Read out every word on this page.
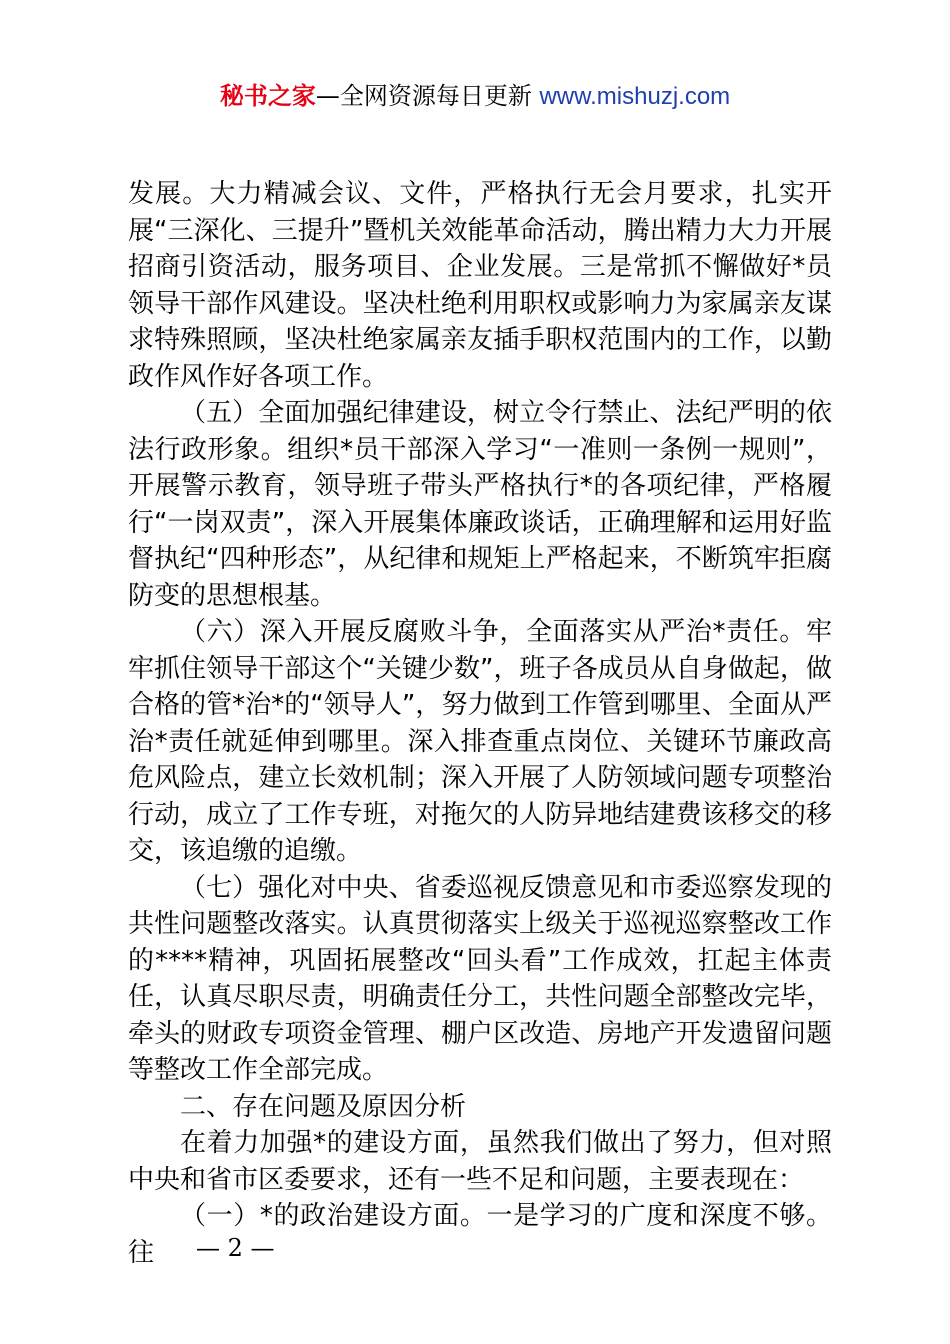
秘书之家—全网资源每日更新 www.mishuzj.com

发展。大力精减会议、文件，严格执行无会月要求，扎实开展“三深化、三提升”暨机关效能革命活动，腾出精力大力开展招商引资活动，服务项目、企业发展。三是常抓不懈做好*员领导干部作风建设。坚决杜绝利用职权或影响力为家属亲友谋求特殊照顾，坚决杜绝家属亲友插手职权范围内的工作，以勤政作风作好各项工作。

（五）全面加强纪律建设，树立令行禁止、法纪严明的依法行政形象。组织*员干部深入学习“一准则一条例一规则”，开展警示教育，领导班子带头严格执行*的各项纪律，严格履行“一岗双责”，深入开展集体廉政谈话，正确理解和运用好监督执纪“四种形态”，从纪律和规矩上严格起来，不断筑牢拒腐防变的思想根基。

（六）深入开展反腐败斗争，全面落实从严治*责任。牢牢抓住领导干部这个“关键少数”，班子各成员从自身做起，做合格的管*治*的“领导人”，努力做到工作管到哪里、全面从严治*责任就延伸到哪里。深入排查重点岗位、关键环节廉政高危风险点，建立长效机制；深入开展了人防领域问题专项整治行动，成立了工作专班，对拖欠的人防异地结建费该移交的移交，该追缴的追缴。

（七）强化对中央、省委巡视反馈意见和市委巡察发现的共性问题整改落实。认真贯彻落实上级关于巡视巡察整改工作的****精神，巩固拓展整改“回头看”工作成效，扛起主体责任，认真尽职尽责，明确责任分工，共性问题全部整改完毕，牵头的财政专项资金管理、棚户区改造、房地产开发遗留问题等整改工作全部完成。

二、存在问题及原因分析

在着力加强*的建设方面，虽然我们做出了努力，但对照中央和省市区委要求，还有一些不足和问题，主要表现在：

（一）*的政治建设方面。一是学习的广度和深度不够。往	— 2 —
